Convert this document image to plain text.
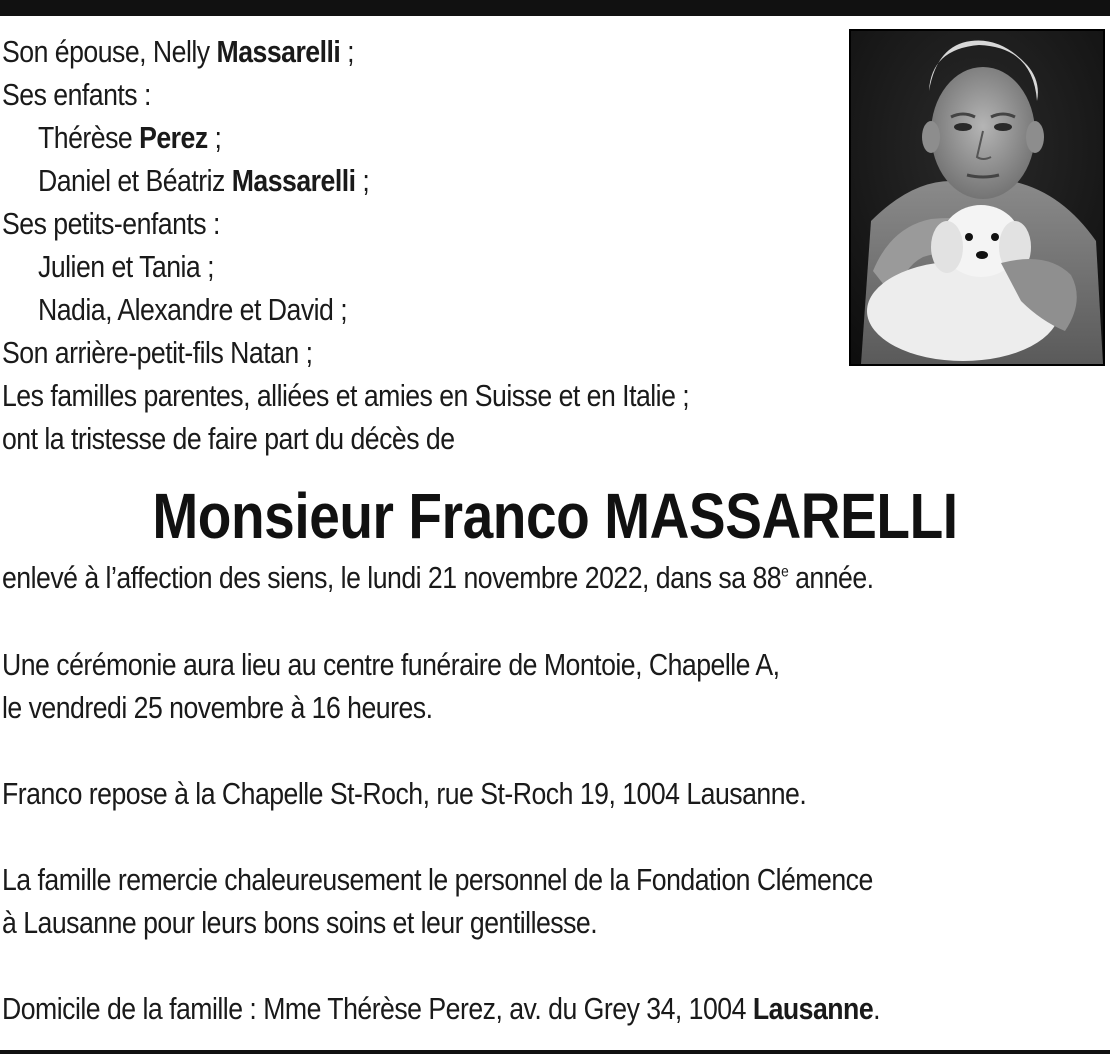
Son épouse, Nelly Massarelli ;
Ses enfants :
Thérèse Perez ;
Daniel et Béatriz Massarelli ;
Ses petits-enfants :
Julien et Tania ;
Nadia, Alexandre et David ;
Son arrière-petit-fils Natan ;
Les familles parentes, alliées et amies en Suisse et en Italie ;
ont la tristesse de faire part du décès de
Monsieur Franco MASSARELLI
enlevé à l’affection des siens, le lundi 21 novembre 2022, dans sa 88e année.
Une cérémonie aura lieu au centre funéraire de Montoie, Chapelle A,
le vendredi 25 novembre à 16 heures.
Franco repose à la Chapelle St-Roch, rue St-Roch 19, 1004 Lausanne.
La famille remercie chaleureusement le personnel de la Fondation Clémence
à Lausanne pour leurs bons soins et leur gentillesse.
Domicile de la famille : Mme Thérèse Perez, av. du Grey 34, 1004 Lausanne.
